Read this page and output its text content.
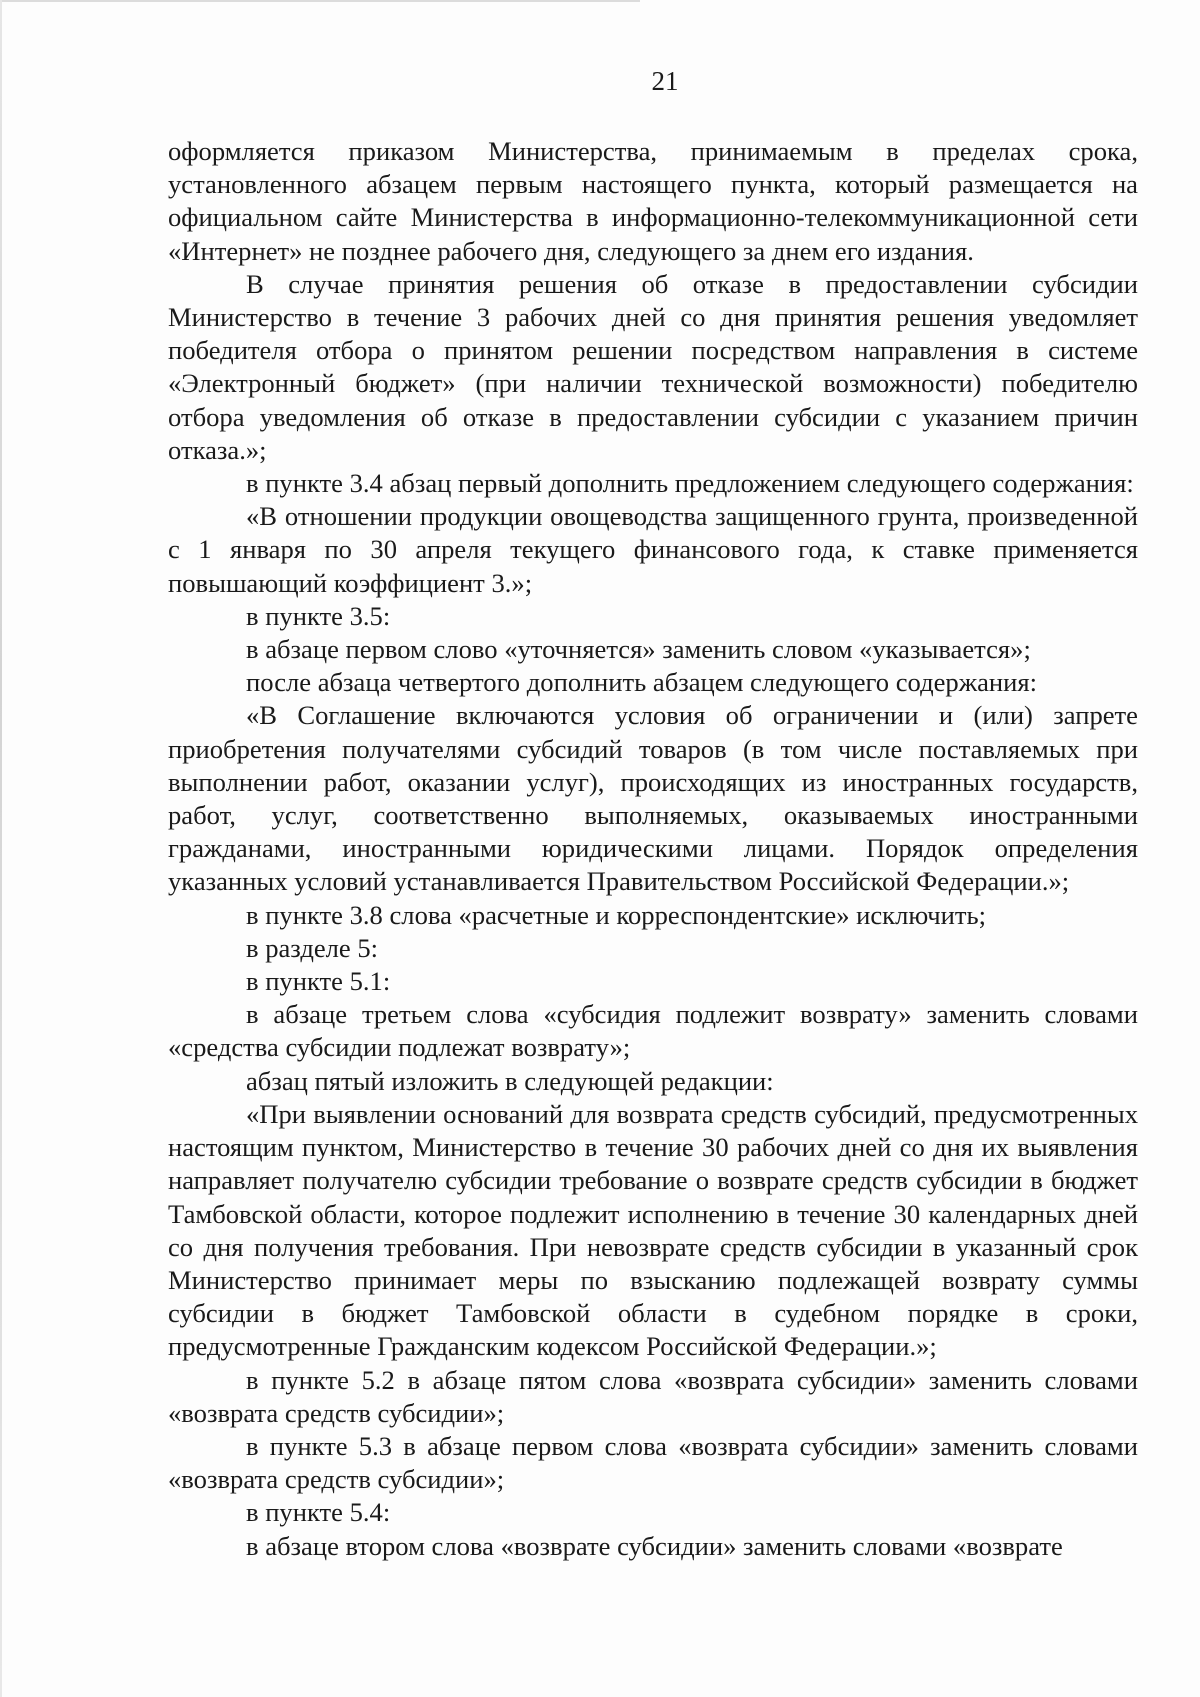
21

оформляется приказом Министерства, принимаемым в пределах срока, установленного абзацем первым настоящего пункта, который размещается на официальном сайте Министерства в информационно-телекоммуникационной сети «Интернет» не позднее рабочего дня, следующего за днем его издания.

В случае принятия решения об отказе в предоставлении субсидии Министерство в течение 3 рабочих дней со дня принятия решения уведомляет победителя отбора о принятом решении посредством направления в системе «Электронный бюджет» (при наличии технической возможности) победителю отбора уведомления об отказе в предоставлении субсидии с указанием причин отказа.»;

в пункте 3.4 абзац первый дополнить предложением следующего содержания:

«В отношении продукции овощеводства защищенного грунта, произведенной с 1 января по 30 апреля текущего финансового года, к ставке применяется повышающий коэффициент 3.»;

в пункте 3.5:

в абзаце первом слово «уточняется» заменить словом «указывается»;

после абзаца четвертого дополнить абзацем следующего содержания:

«В Соглашение включаются условия об ограничении и (или) запрете приобретения получателями субсидий товаров (в том числе поставляемых при выполнении работ, оказании услуг), происходящих из иностранных государств, работ, услуг, соответственно выполняемых, оказываемых иностранными гражданами, иностранными юридическими лицами. Порядок определения указанных условий устанавливается Правительством Российской Федерации.»;

в пункте 3.8 слова «расчетные и корреспондентские» исключить;

в разделе 5:

в пункте 5.1:

в абзаце третьем слова «субсидия подлежит возврату» заменить словами «средства субсидии подлежат возврату»;

абзац пятый изложить в следующей редакции:

«При выявлении оснований для возврата средств субсидий, предусмотренных настоящим пунктом, Министерство в течение 30 рабочих дней со дня их выявления направляет получателю субсидии требование о возврате средств субсидии в бюджет Тамбовской области, которое подлежит исполнению в течение 30 календарных дней со дня получения требования. При невозврате средств субсидии в указанный срок Министерство принимает меры по взысканию подлежащей возврату суммы субсидии в бюджет Тамбовской области в судебном порядке в сроки, предусмотренные Гражданским кодексом Российской Федерации.»;

в пункте 5.2 в абзаце пятом слова «возврата субсидии» заменить словами «возврата средств субсидии»;

в пункте 5.3 в абзаце первом слова «возврата субсидии» заменить словами «возврата средств субсидии»;

в пункте 5.4:

в абзаце втором слова «возврате субсидии» заменить словами «возврате
